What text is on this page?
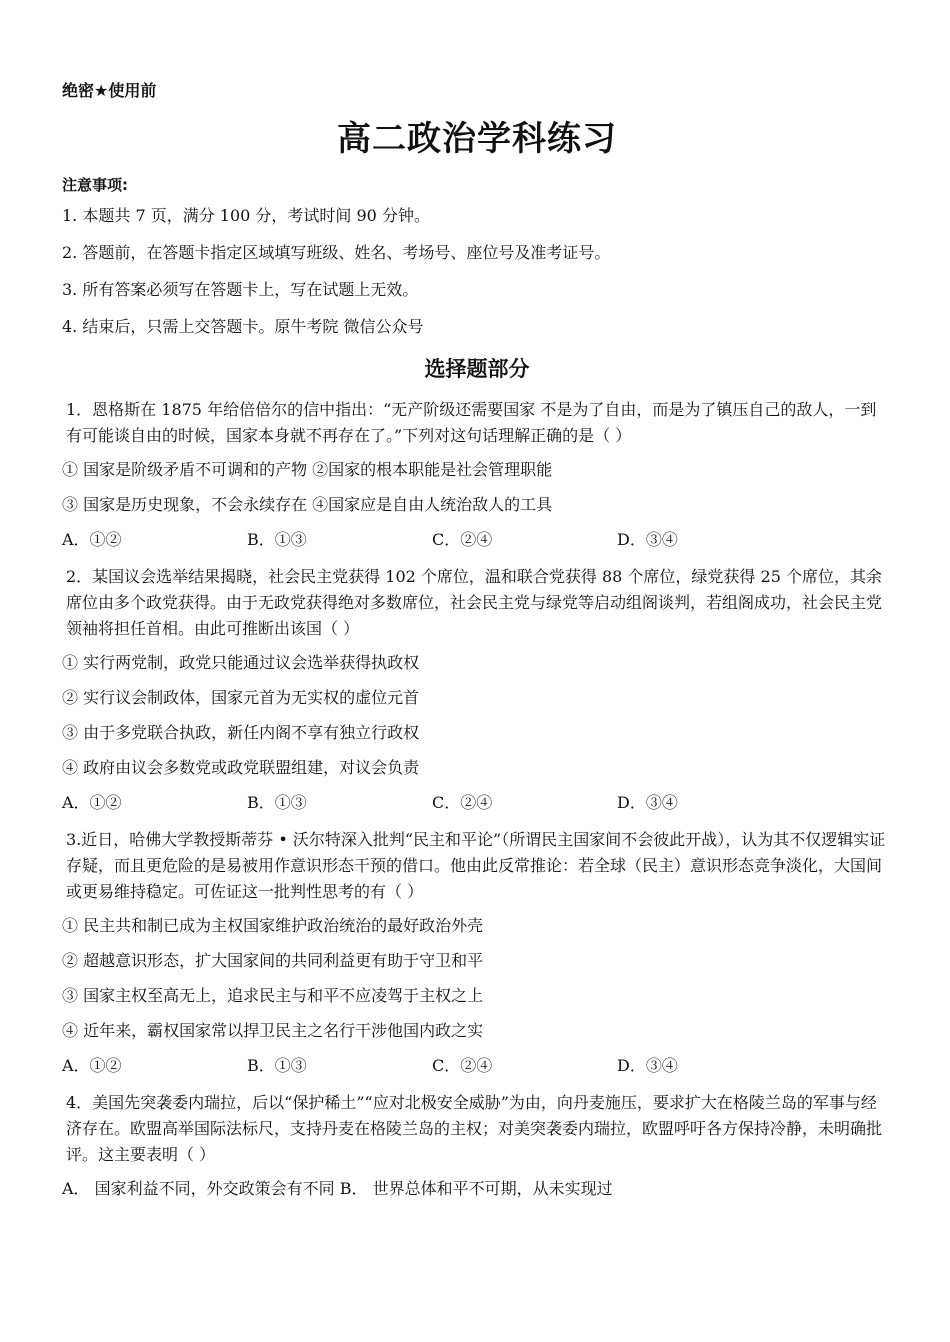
绝密★使用前
高二政治学科练习
注意事项:
1. 本题共 7 页，满分 100 分，考试时间 90 分钟。
2. 答题前，在答题卡指定区域填写班级、姓名、考场号、座位号及准考证号。
3. 所有答案必须写在答题卡上，写在试题上无效。
4. 结束后，只需上交答题卡。原牛考院 微信公众号
选择题部分
1．恩格斯在 1875 年给倍倍尔的信中指出：“无产阶级还需要国家 不是为了自由，而是为了镇压自己的敌人，一到有可能谈自由的时候，国家本身就不再存在了。”下列对这句话理解正确的是（ ）
① 国家是阶级矛盾不可调和的产物 ②国家的根本职能是社会管理职能
③ 国家是历史现象，不会永续存在 ④国家应是自由人统治敌人的工具
A．①②	B．①③	C．②④	D．③④
2．某国议会选举结果揭晓，社会民主党获得 102 个席位，温和联合党获得 88 个席位，绿党获得 25 个席位，其余席位由多个政党获得。由于无政党获得绝对多数席位，社会民主党与绿党等启动组阁谈判，若组阁成功，社会民主党领袖将担任首相。由此可推断出该国（ ）
① 实行两党制，政党只能通过议会选举获得执政权
② 实行议会制政体，国家元首为无实权的虚位元首
③ 由于多党联合执政，新任内阁不享有独立行政权
④ 政府由议会多数党或政党联盟组建，对议会负责
A．①②	B．①③	C．②④	D．③④
3.近日，哈佛大学教授斯蒂芬 • 沃尔特深入批判“民主和平论”（所谓民主国家间不会彼此开战），认为其不仅逻辑实证存疑，而且更危险的是易被用作意识形态干预的借口。他由此反常推论：若全球（民主）意识形态竞争淡化，大国间或更易维持稳定。可佐证这一批判性思考的有（ ）
① 民主共和制已成为主权国家维护政治统治的最好政治外壳
② 超越意识形态，扩大国家间的共同利益更有助于守卫和平
③ 国家主权至高无上，追求民主与和平不应凌驾于主权之上
④ 近年来，霸权国家常以捍卫民主之名行干涉他国内政之实
A．①②	B．①③	C．②④	D．③④
4．美国先突袭委内瑞拉，后以“保护稀土”“应对北极安全威胁”为由，向丹麦施压，要求扩大在格陵兰岛的军事与经济存在。欧盟高举国际法标尺，支持丹麦在格陵兰岛的主权；对美突袭委内瑞拉，欧盟呼吁各方保持冷静，未明确批评。这主要表明（ ）
A． 国家利益不同，外交政策会有不同 B． 世界总体和平不可期，从未实现过
